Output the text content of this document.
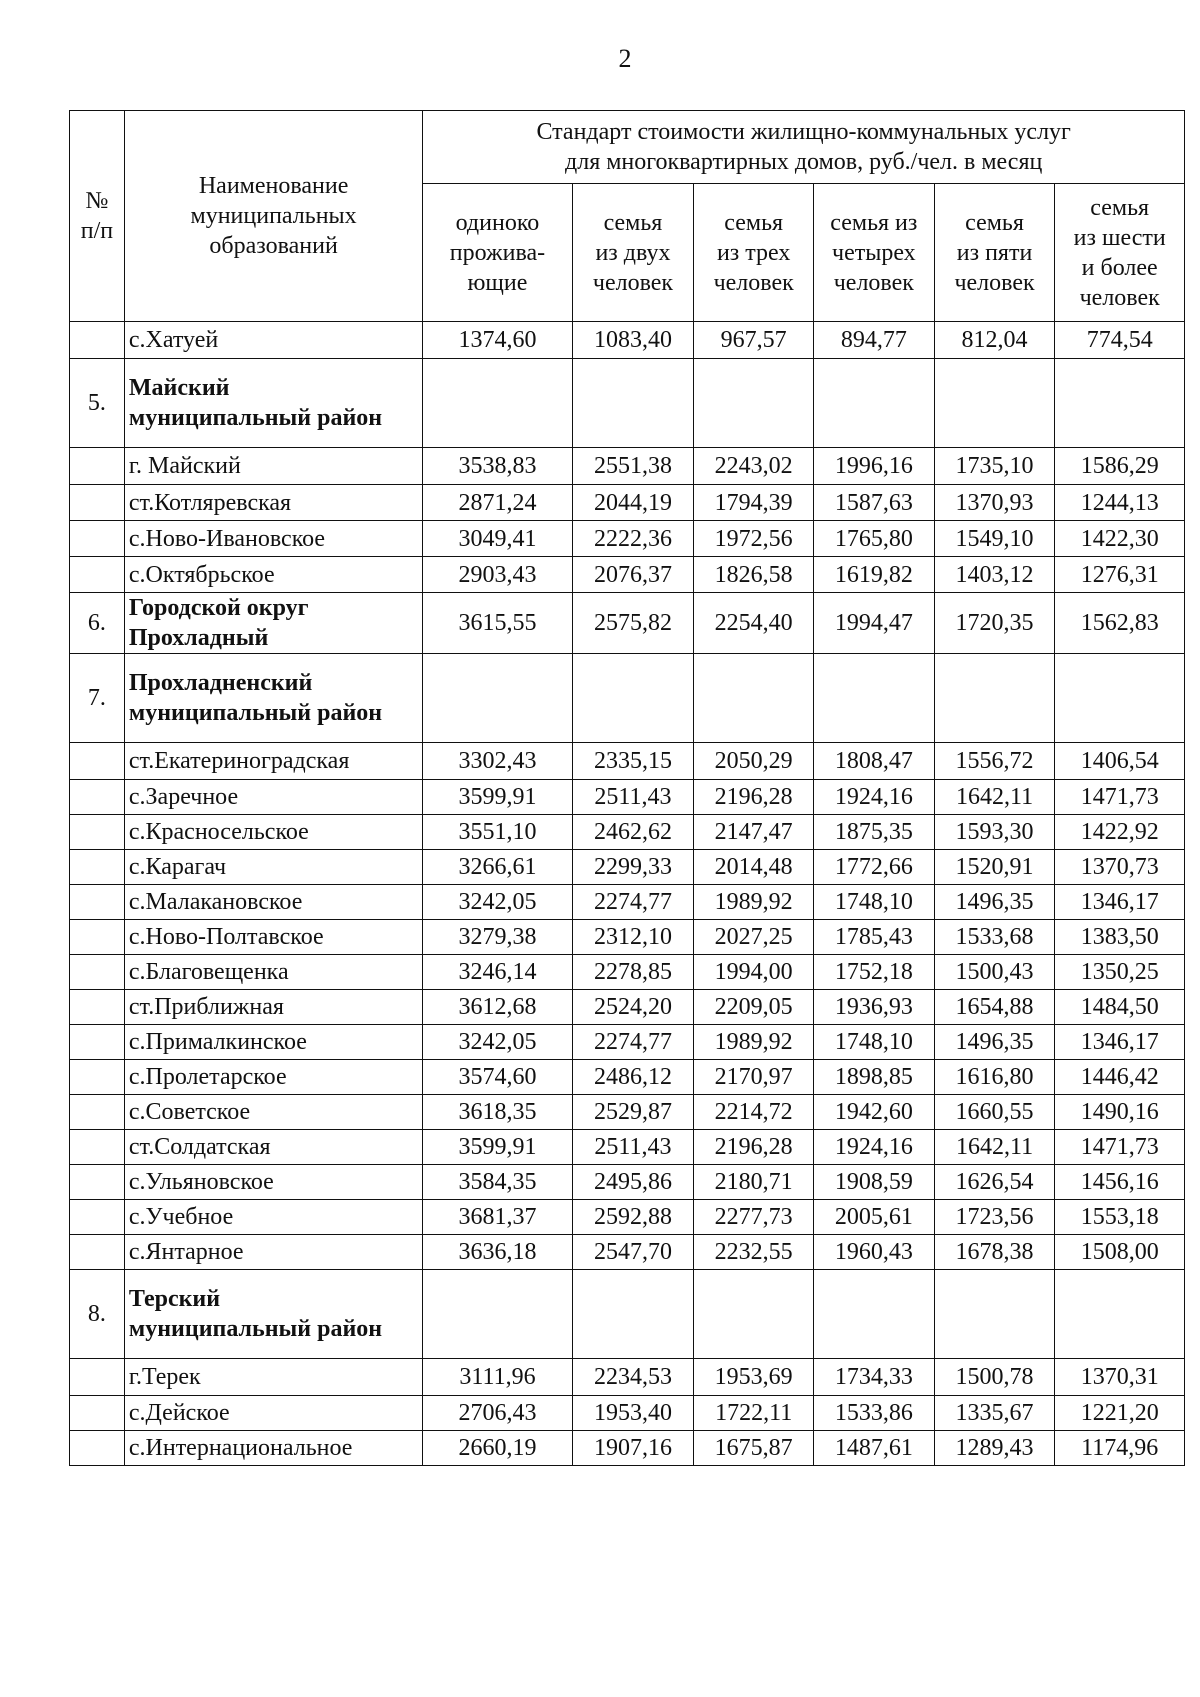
2
№
п/п	Наименование
муниципальных
образований	Стандарт стоимости жилищно-коммунальных услуг
для многоквартирных домов, руб./чел. в месяц					

		одиноко
прожива-
ющие	семья
из двух
человек	семья
из трех
человек	семья из
четырех
человек	семья
из пяти
человек	семья
из шести
и более
человек

	с.Хатуей	1374,60	1083,40	967,57	894,77	812,04	774,54
5.	Майский
муниципальный район						

	г. Майский	3538,83	2551,38	2243,02	1996,16	1735,10	1586,29

	ст.Котляревская	2871,24	2044,19	1794,39	1587,63	1370,93	1244,13

	с.Ново-Ивановское	3049,41	2222,36	1972,56	1765,80	1549,10	1422,30

	с.Октябрьское	2903,43	2076,37	1826,58	1619,82	1403,12	1276,31
6.	Городской округ
Прохладный	3615,55	2575,82	2254,40	1994,47	1720,35	1562,83
7.	Прохладненский
муниципальный район						

	ст.Екатериноградская	3302,43	2335,15	2050,29	1808,47	1556,72	1406,54

	с.Заречное	3599,91	2511,43	2196,28	1924,16	1642,11	1471,73

	с.Красносельское	3551,10	2462,62	2147,47	1875,35	1593,30	1422,92

	с.Карагач	3266,61	2299,33	2014,48	1772,66	1520,91	1370,73

	с.Малакановское	3242,05	2274,77	1989,92	1748,10	1496,35	1346,17

	с.Ново-Полтавское	3279,38	2312,10	2027,25	1785,43	1533,68	1383,50

	с.Благовещенка	3246,14	2278,85	1994,00	1752,18	1500,43	1350,25

	ст.Приближная	3612,68	2524,20	2209,05	1936,93	1654,88	1484,50

	с.Прималкинское	3242,05	2274,77	1989,92	1748,10	1496,35	1346,17

	с.Пролетарское	3574,60	2486,12	2170,97	1898,85	1616,80	1446,42

	с.Советское	3618,35	2529,87	2214,72	1942,60	1660,55	1490,16

	ст.Солдатская	3599,91	2511,43	2196,28	1924,16	1642,11	1471,73

	с.Ульяновское	3584,35	2495,86	2180,71	1908,59	1626,54	1456,16

	с.Учебное	3681,37	2592,88	2277,73	2005,61	1723,56	1553,18

	с.Янтарное	3636,18	2547,70	2232,55	1960,43	1678,38	1508,00
8.	Терский
муниципальный район						

	г.Терек	3111,96	2234,53	1953,69	1734,33	1500,78	1370,31

	с.Дейское	2706,43	1953,40	1722,11	1533,86	1335,67	1221,20

	с.Интернациональное	2660,19	1907,16	1675,87	1487,61	1289,43	1174,96
